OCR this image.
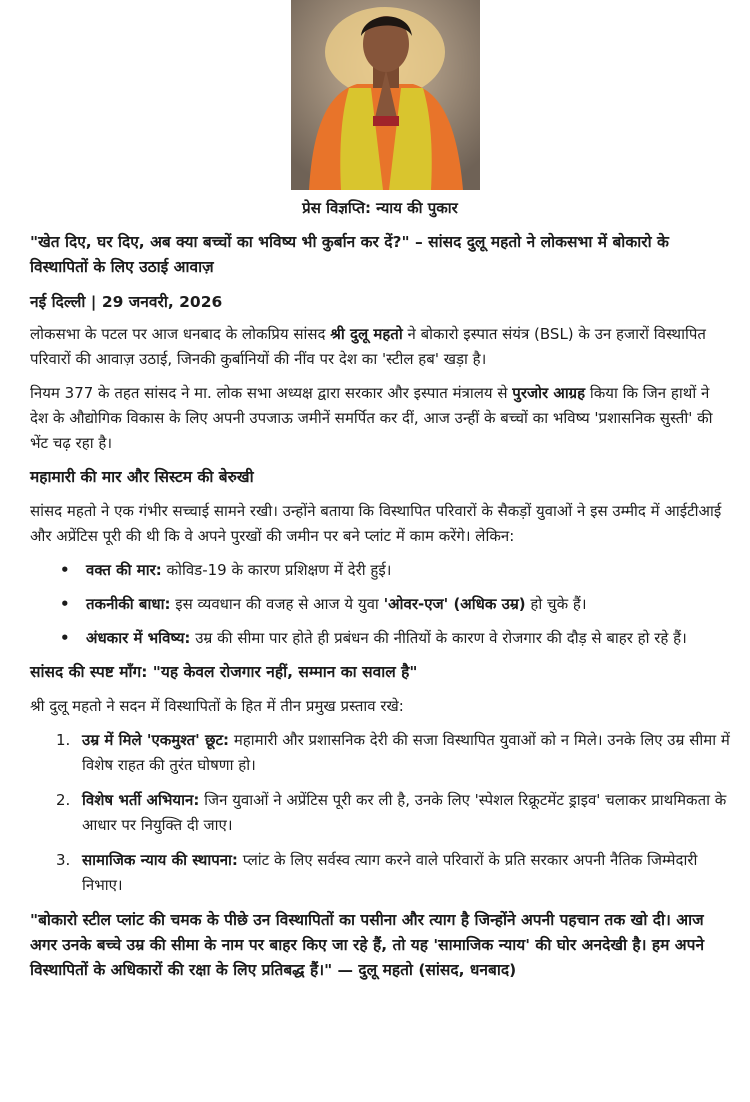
प्रेस विज्ञप्ति: न्याय की पुकार
"खेत दिए, घर दिए, अब क्या बच्चों का भविष्य भी कुर्बान कर दें?" – सांसद दुलू महतो ने लोकसभा में बोकारो के विस्थापितों के लिए उठाई आवाज़
नई दिल्ली | 29 जनवरी, 2026

लोकसभा के पटल पर आज धनबाद के लोकप्रिय सांसद श्री दुलू महतो ने बोकारो इस्पात संयंत्र (BSL) के उन हजारों विस्थापित परिवारों की आवाज़ उठाई, जिनकी कुर्बानियों की नींव पर देश का 'स्टील हब' खड़ा है।

नियम 377 के तहत सांसद ने मा. लोक सभा अध्यक्ष द्वारा सरकार और इस्पात मंत्रालय से पुरजोर आग्रह किया कि जिन हाथों ने देश के औद्योगिक विकास के लिए अपनी उपजाऊ जमीनें समर्पित कर दीं, आज उन्हीं के बच्चों का भविष्य 'प्रशासनिक सुस्ती' की भेंट चढ़ रहा है।

महामारी की मार और सिस्टम की बेरुखी

सांसद महतो ने एक गंभीर सच्चाई सामने रखी। उन्होंने बताया कि विस्थापित परिवारों के सैकड़ों युवाओं ने इस उम्मीद में आईटीआई और अप्रेंटिस पूरी की थी कि वे अपने पुरखों की जमीन पर बने प्लांट में काम करेंगे। लेकिन:

• वक्त की मार: कोविड-19 के कारण प्रशिक्षण में देरी हुई।
• तकनीकी बाधा: इस व्यवधान की वजह से आज ये युवा 'ओवर-एज' (अधिक उम्र) हो चुके हैं।
• अंधकार में भविष्य: उम्र की सीमा पार होते ही प्रबंधन की नीतियों के कारण वे रोजगार की दौड़ से बाहर हो रहे हैं।
सांसद की स्पष्ट माँग: "यह केवल रोजगार नहीं, सम्मान का सवाल है"

श्री दुलू महतो ने सदन में विस्थापितों के हित में तीन प्रमुख प्रस्ताव रखे:

1. उम्र में मिले 'एकमुश्त' छूट: महामारी और प्रशासनिक देरी की सजा विस्थापित युवाओं को न मिले। उनके लिए उम्र सीमा में विशेष राहत की तुरंत घोषणा हो।
2. विशेष भर्ती अभियान: जिन युवाओं ने अप्रेंटिस पूरी कर ली है, उनके लिए 'स्पेशल रिक्रूटमेंट ड्राइव' चलाकर प्राथमिकता के आधार पर नियुक्ति दी जाए।
3. सामाजिक न्याय की स्थापना: प्लांट के लिए सर्वस्व त्याग करने वाले परिवारों के प्रति सरकार अपनी नैतिक जिम्मेदारी निभाए।
"बोकारो स्टील प्लांट की चमक के पीछे उन विस्थापितों का पसीना और त्याग है जिन्होंने अपनी पहचान तक खो दी। आज अगर उनके बच्चे उम्र की सीमा के नाम पर बाहर किए जा रहे हैं, तो यह 'सामाजिक न्याय' की घोर अनदेखी है। हम अपने विस्थापितों के अधिकारों की रक्षा के लिए प्रतिबद्ध हैं।" — दुलू महतो (सांसद, धनबाद)
